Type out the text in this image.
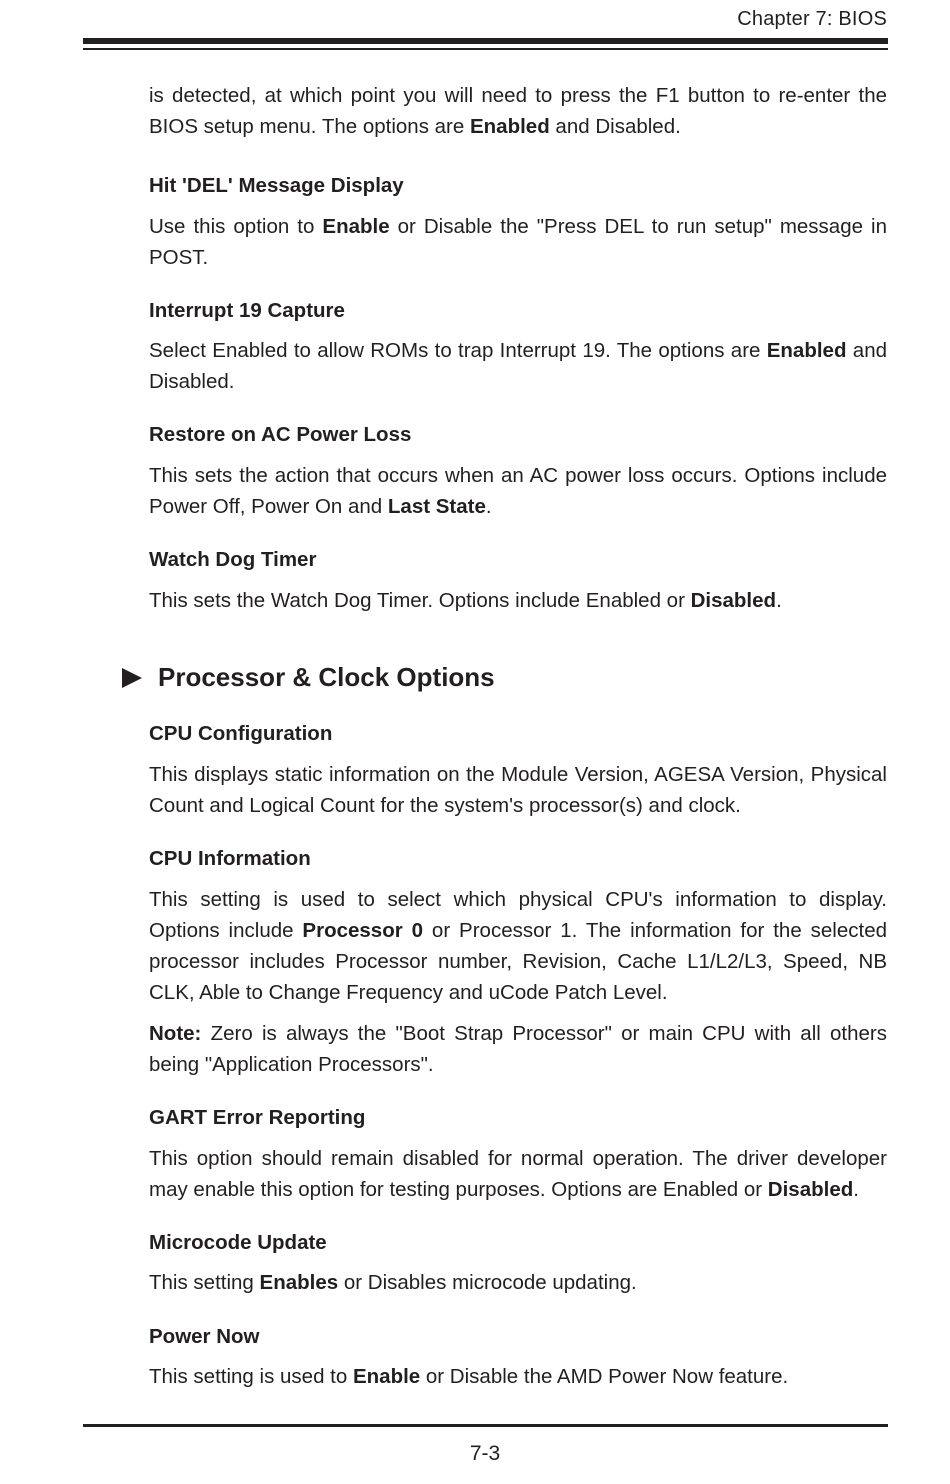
Chapter 7: BIOS

is detected, at which point you will need to press the F1 button to re-enter the BIOS setup menu. The options are Enabled and Disabled.

Hit 'DEL' Message Display

Use this option to Enable or Disable the "Press DEL to run setup" message in POST.

Interrupt 19 Capture

Select Enabled to allow ROMs to trap Interrupt 19. The options are Enabled and Disabled.

Restore on AC Power Loss

This sets the action that occurs when an AC power loss occurs. Options include Power Off, Power On and Last State.

Watch Dog Timer

This sets the Watch Dog Timer. Options include Enabled or Disabled.

Processor & Clock Options
CPU Configuration

This displays static information on the Module Version, AGESA Version, Physical Count and Logical Count for the system's processor(s) and clock.

CPU Information

This setting is used to select which physical CPU's information to display. Options include Processor 0 or Processor 1. The information for the selected processor includes Processor number, Revision, Cache L1/L2/L3, Speed, NB CLK, Able to Change Frequency and uCode Patch Level.

Note: Zero is always the "Boot Strap Processor" or main CPU with all others being "Application Processors".

GART Error Reporting

This option should remain disabled for normal operation. The driver developer may enable this option for testing purposes. Options are Enabled or Disabled.

Microcode Update

This setting Enables or Disables microcode updating.

Power Now

This setting is used to Enable or Disable the AMD Power Now feature.

7-3
